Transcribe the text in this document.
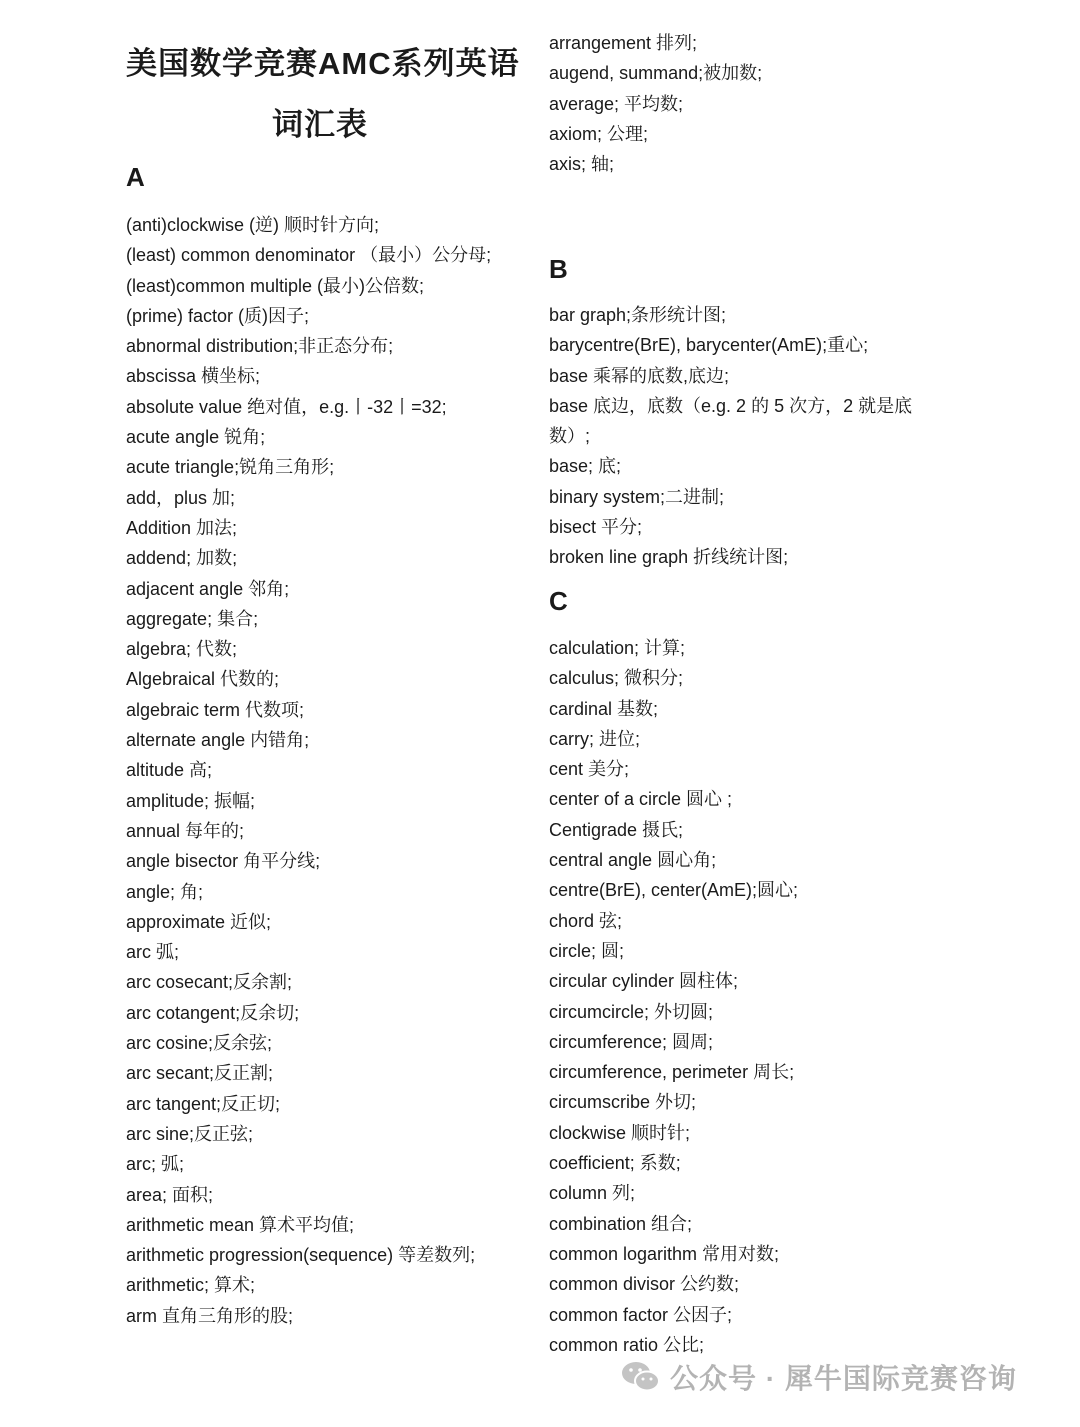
美国数学竞赛AMC系列英语
词汇表
A
(anti)clockwise (逆) 顺时针方向;
(least) common denominator （最小）公分母;
(least)common multiple (最小)公倍数;
(prime) factor (质)因子;
abnormal distribution;非正态分布;
abscissa 横坐标;
absolute value 绝对值，e.g.丨-32丨=32;
acute angle 锐角;
acute triangle;锐角三角形;
add，plus 加;
Addition 加法;
addend; 加数;
adjacent angle 邻角;
aggregate; 集合;
algebra; 代数;
Algebraical 代数的;
algebraic term 代数项;
alternate angle 内错角;
altitude 高;
amplitude; 振幅;
annual 每年的;
angle bisector 角平分线;
angle; 角;
approximate 近似;
arc 弧;
arc cosecant;反余割;
arc cotangent;反余切;
arc cosine;反余弦;
arc secant;反正割;
arc tangent;反正切;
arc sine;反正弦;
arc; 弧;
area; 面积;
arithmetic mean 算术平均值;
arithmetic progression(sequence) 等差数列;
arithmetic; 算术;
arm 直角三角形的股;
arrangement 排列;
augend, summand;被加数;
average; 平均数;
axiom; 公理;
axis; 轴;
B
bar graph;条形统计图;
barycentre(BrE), barycenter(AmE);重心;
base 乘幂的底数,底边;
base 底边，底数（e.g. 2 的 5 次方，2 就是底数）;
base; 底;
binary system;二进制;
bisect 平分;
broken line graph 折线统计图;
C
calculation; 计算;
calculus; 微积分;
cardinal 基数;
carry; 进位;
cent 美分;
center of a circle 圆心 ;
Centigrade 摄氏;
central angle 圆心角;
centre(BrE), center(AmE);圆心;
chord 弦;
circle; 圆;
circular cylinder 圆柱体;
circumcircle; 外切圆;
circumference; 圆周;
circumference, perimeter 周长;
circumscribe 外切;
clockwise 顺时针;
coefficient; 系数;
column 列;
combination 组合;
common logarithm 常用对数;
common divisor 公约数;
common factor 公因子;
common ratio 公比;
公众号 · 犀牛国际竞赛咨询
